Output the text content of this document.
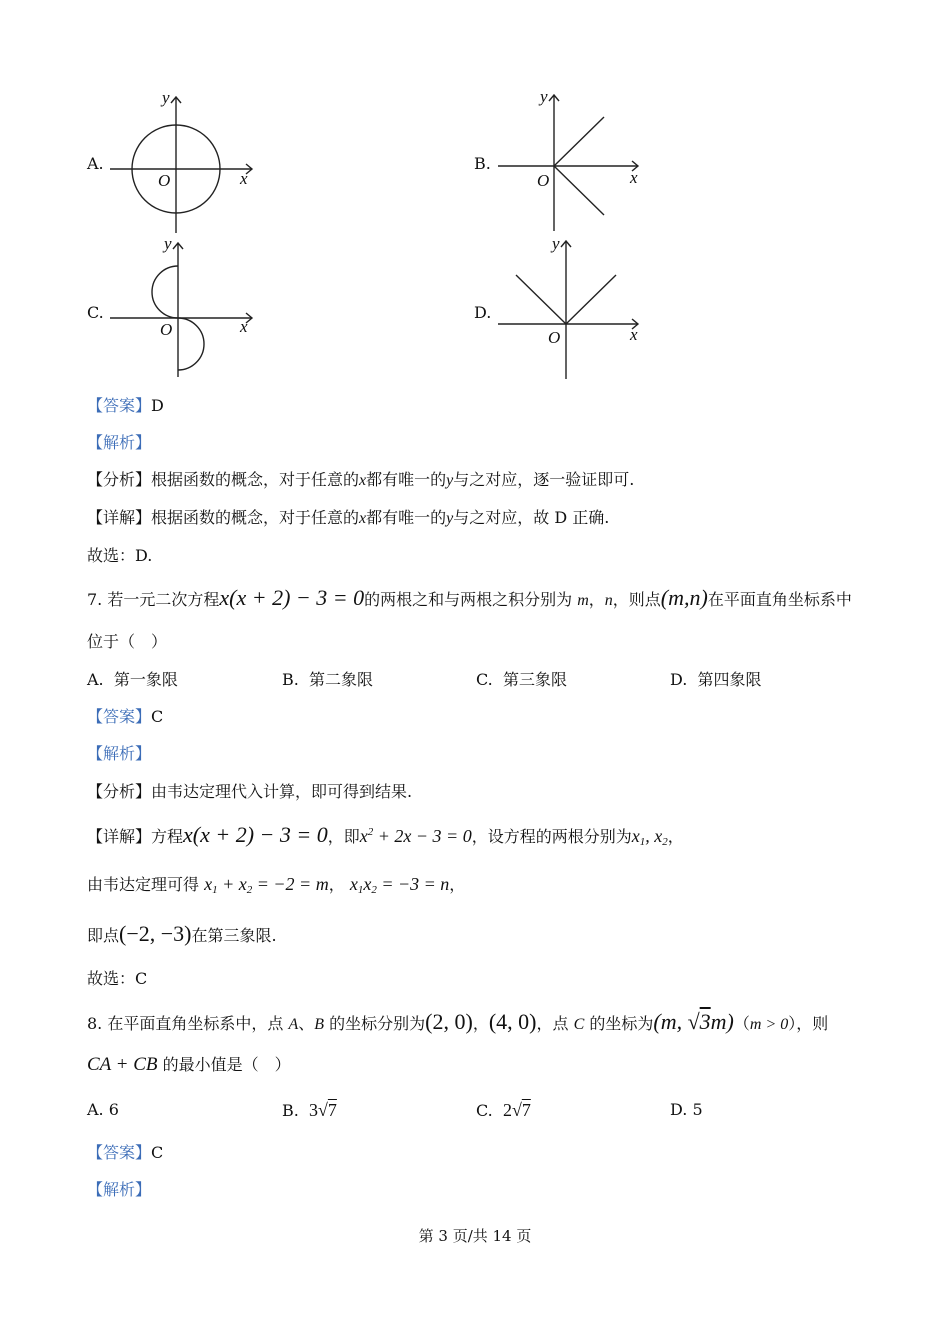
A.
x
y
O
B.
x
y
O
C.
x
y
O
D.
x
y
O
【答案】D
【解析】
【分析】根据函数的概念，对于任意的x都有唯一的y与之对应，逐一验证即可.
【详解】根据函数的概念，对于任意的x都有唯一的y与之对应，故 D 正确.
故选：D.
7. 若一元二次方程x(x + 2) − 3 = 0的两根之和与两根之积分别为 m，n，则点(m,n)在平面直角坐标系中
位于（　）
A. 第一象限	B. 第二象限	C. 第三象限	D. 第四象限
【答案】C
【解析】
【分析】由韦达定理代入计算，即可得到结果.
【详解】方程x(x + 2) − 3 = 0，即$x^2 + 2x - 3 = 0$，设方程的两根分别为$x_1$, $x_2$，
由韦达定理可得 $x_1 + x_2 = -2 = m$， $x_1x_2 = -3 = n$，
即点(−2, −3)在第三象限.
故选：C
8. 在平面直角坐标系中，点 A、B 的坐标分别为(2, 0)，(4, 0)，点 C 的坐标为(m, √3m)（m > 0），则
CA + CB 的最小值是（　）
A. 6	B. 3√7	C. 2√7	D. 5
【答案】C
【解析】
第 3 页/共 14 页
